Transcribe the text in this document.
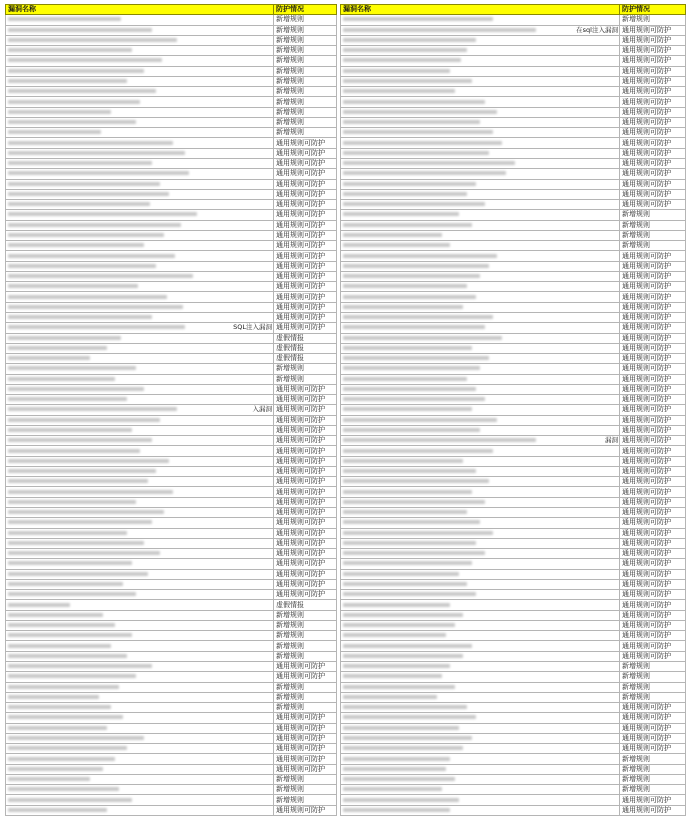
漏洞名称	防护情况
	新增规则
	新增规则
	新增规则
	新增规则
	新增规则
	新增规则
	新增规则
	新增规则
	新增规则
	新增规则
	新增规则
	新增规则
	通用规则可防护
	通用规则可防护
	通用规则可防护
	通用规则可防护
	通用规则可防护
	通用规则可防护
	通用规则可防护
	通用规则可防护
	通用规则可防护
	通用规则可防护
	通用规则可防护
	通用规则可防护
	通用规则可防护
	通用规则可防护
	通用规则可防护
	通用规则可防护
	通用规则可防护
	通用规则可防护

SQL注入漏洞	通用规则可防护
	虚假情报
	虚假情报
	虚假情报
	新增规则
	新增规则
	通用规则可防护
	通用规则可防护

入漏洞	通用规则可防护
	通用规则可防护
	通用规则可防护
	通用规则可防护
	通用规则可防护
	通用规则可防护
	通用规则可防护
	通用规则可防护
	通用规则可防护
	通用规则可防护
	通用规则可防护
	通用规则可防护
	通用规则可防护
	通用规则可防护
	通用规则可防护
	通用规则可防护
	通用规则可防护
	通用规则可防护
	通用规则可防护
	虚假情报
	新增规则
	新增规则
	新增规则
	新增规则
	新增规则
	通用规则可防护
	通用规则可防护
	新增规则
	新增规则
	新增规则
	通用规则可防护
	通用规则可防护
	通用规则可防护
	通用规则可防护
	通用规则可防护
	通用规则可防护
	新增规则
	新增规则
	新增规则
	通用规则可防护
漏洞名称	防护情况
	新增规则

在sql注入漏洞	通用规则可防护
	通用规则可防护
	通用规则可防护
	通用规则可防护
	通用规则可防护
	通用规则可防护
	通用规则可防护
	通用规则可防护
	通用规则可防护
	通用规则可防护
	通用规则可防护
	通用规则可防护
	通用规则可防护
	通用规则可防护
	通用规则可防护
	通用规则可防护
	通用规则可防护
	通用规则可防护
	新增规则
	新增规则
	新增规则
	新增规则
	通用规则可防护
	通用规则可防护
	通用规则可防护
	通用规则可防护
	通用规则可防护
	通用规则可防护
	通用规则可防护
	通用规则可防护
	通用规则可防护
	通用规则可防护
	通用规则可防护
	通用规则可防护
	通用规则可防护
	通用规则可防护
	通用规则可防护
	通用规则可防护
	通用规则可防护
	通用规则可防护

漏洞	通用规则可防护
	通用规则可防护
	通用规则可防护
	通用规则可防护
	通用规则可防护
	通用规则可防护
	通用规则可防护
	通用规则可防护
	通用规则可防护
	通用规则可防护
	通用规则可防护
	通用规则可防护
	通用规则可防护
	通用规则可防护
	通用规则可防护
	通用规则可防护
	通用规则可防护
	通用规则可防护
	通用规则可防护
	通用规则可防护
	通用规则可防护
	通用规则可防护
	新增规则
	新增规则
	新增规则
	新增规则
	通用规则可防护
	通用规则可防护
	通用规则可防护
	通用规则可防护
	通用规则可防护
	新增规则
	新增规则
	新增规则
	新增规则
	通用规则可防护
	通用规则可防护
